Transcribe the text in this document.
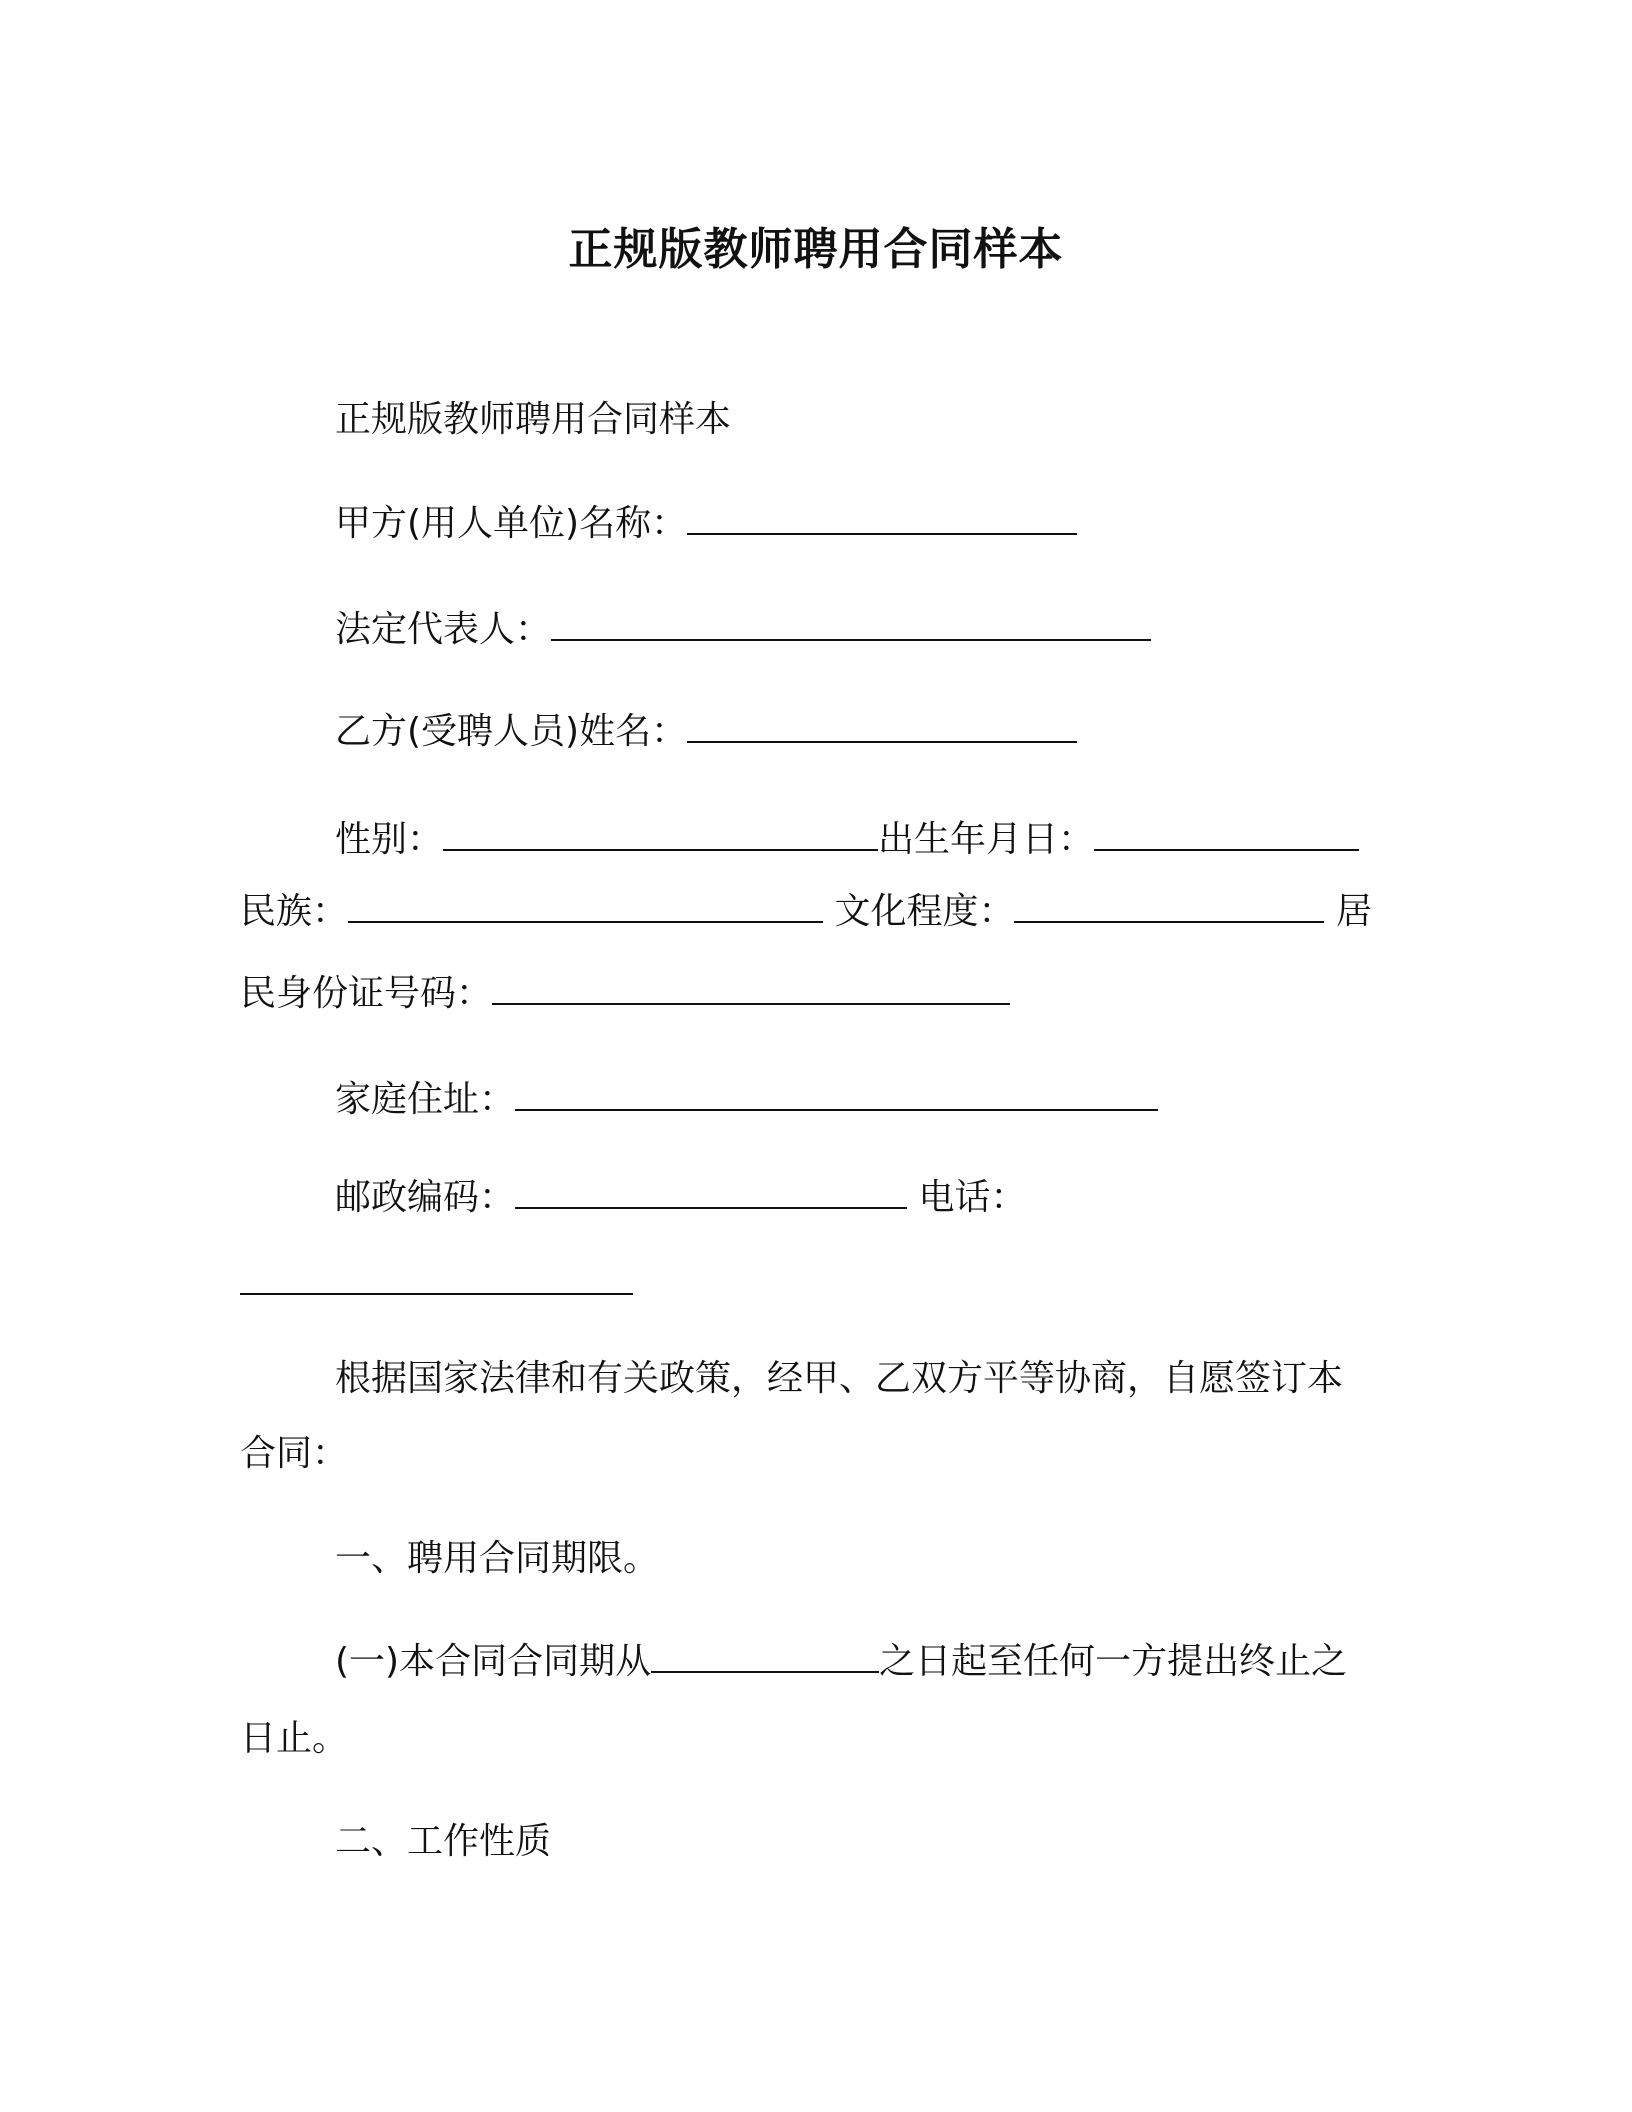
正规版教师聘用合同样本
正规版教师聘用合同样本
甲方(用人单位)名称：
法定代表人：
乙方(受聘人员)姓名：
性别：	出生年月日：
民族：	文化程度：	居
民身份证号码：
家庭住址：
邮政编码：	电话：
根据国家法律和有关政策，经甲、乙双方平等协商，自愿签订本
合同：
一、聘用合同期限。
(一)本合同合同期从	之日起至任何一方提出终止之
日止。
二、工作性质
